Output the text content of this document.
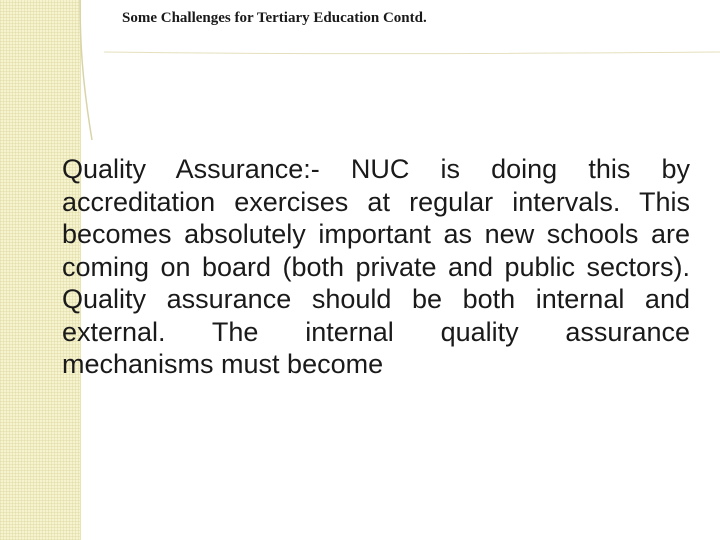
Some Challenges for Tertiary Education Contd.

Quality Assurance:- NUC is doing this by accreditation exercises at regular intervals. This becomes absolutely important as new schools are coming on board (both private and public sectors). Quality assurance should be both internal and external. The internal quality assurance mechanisms must become
